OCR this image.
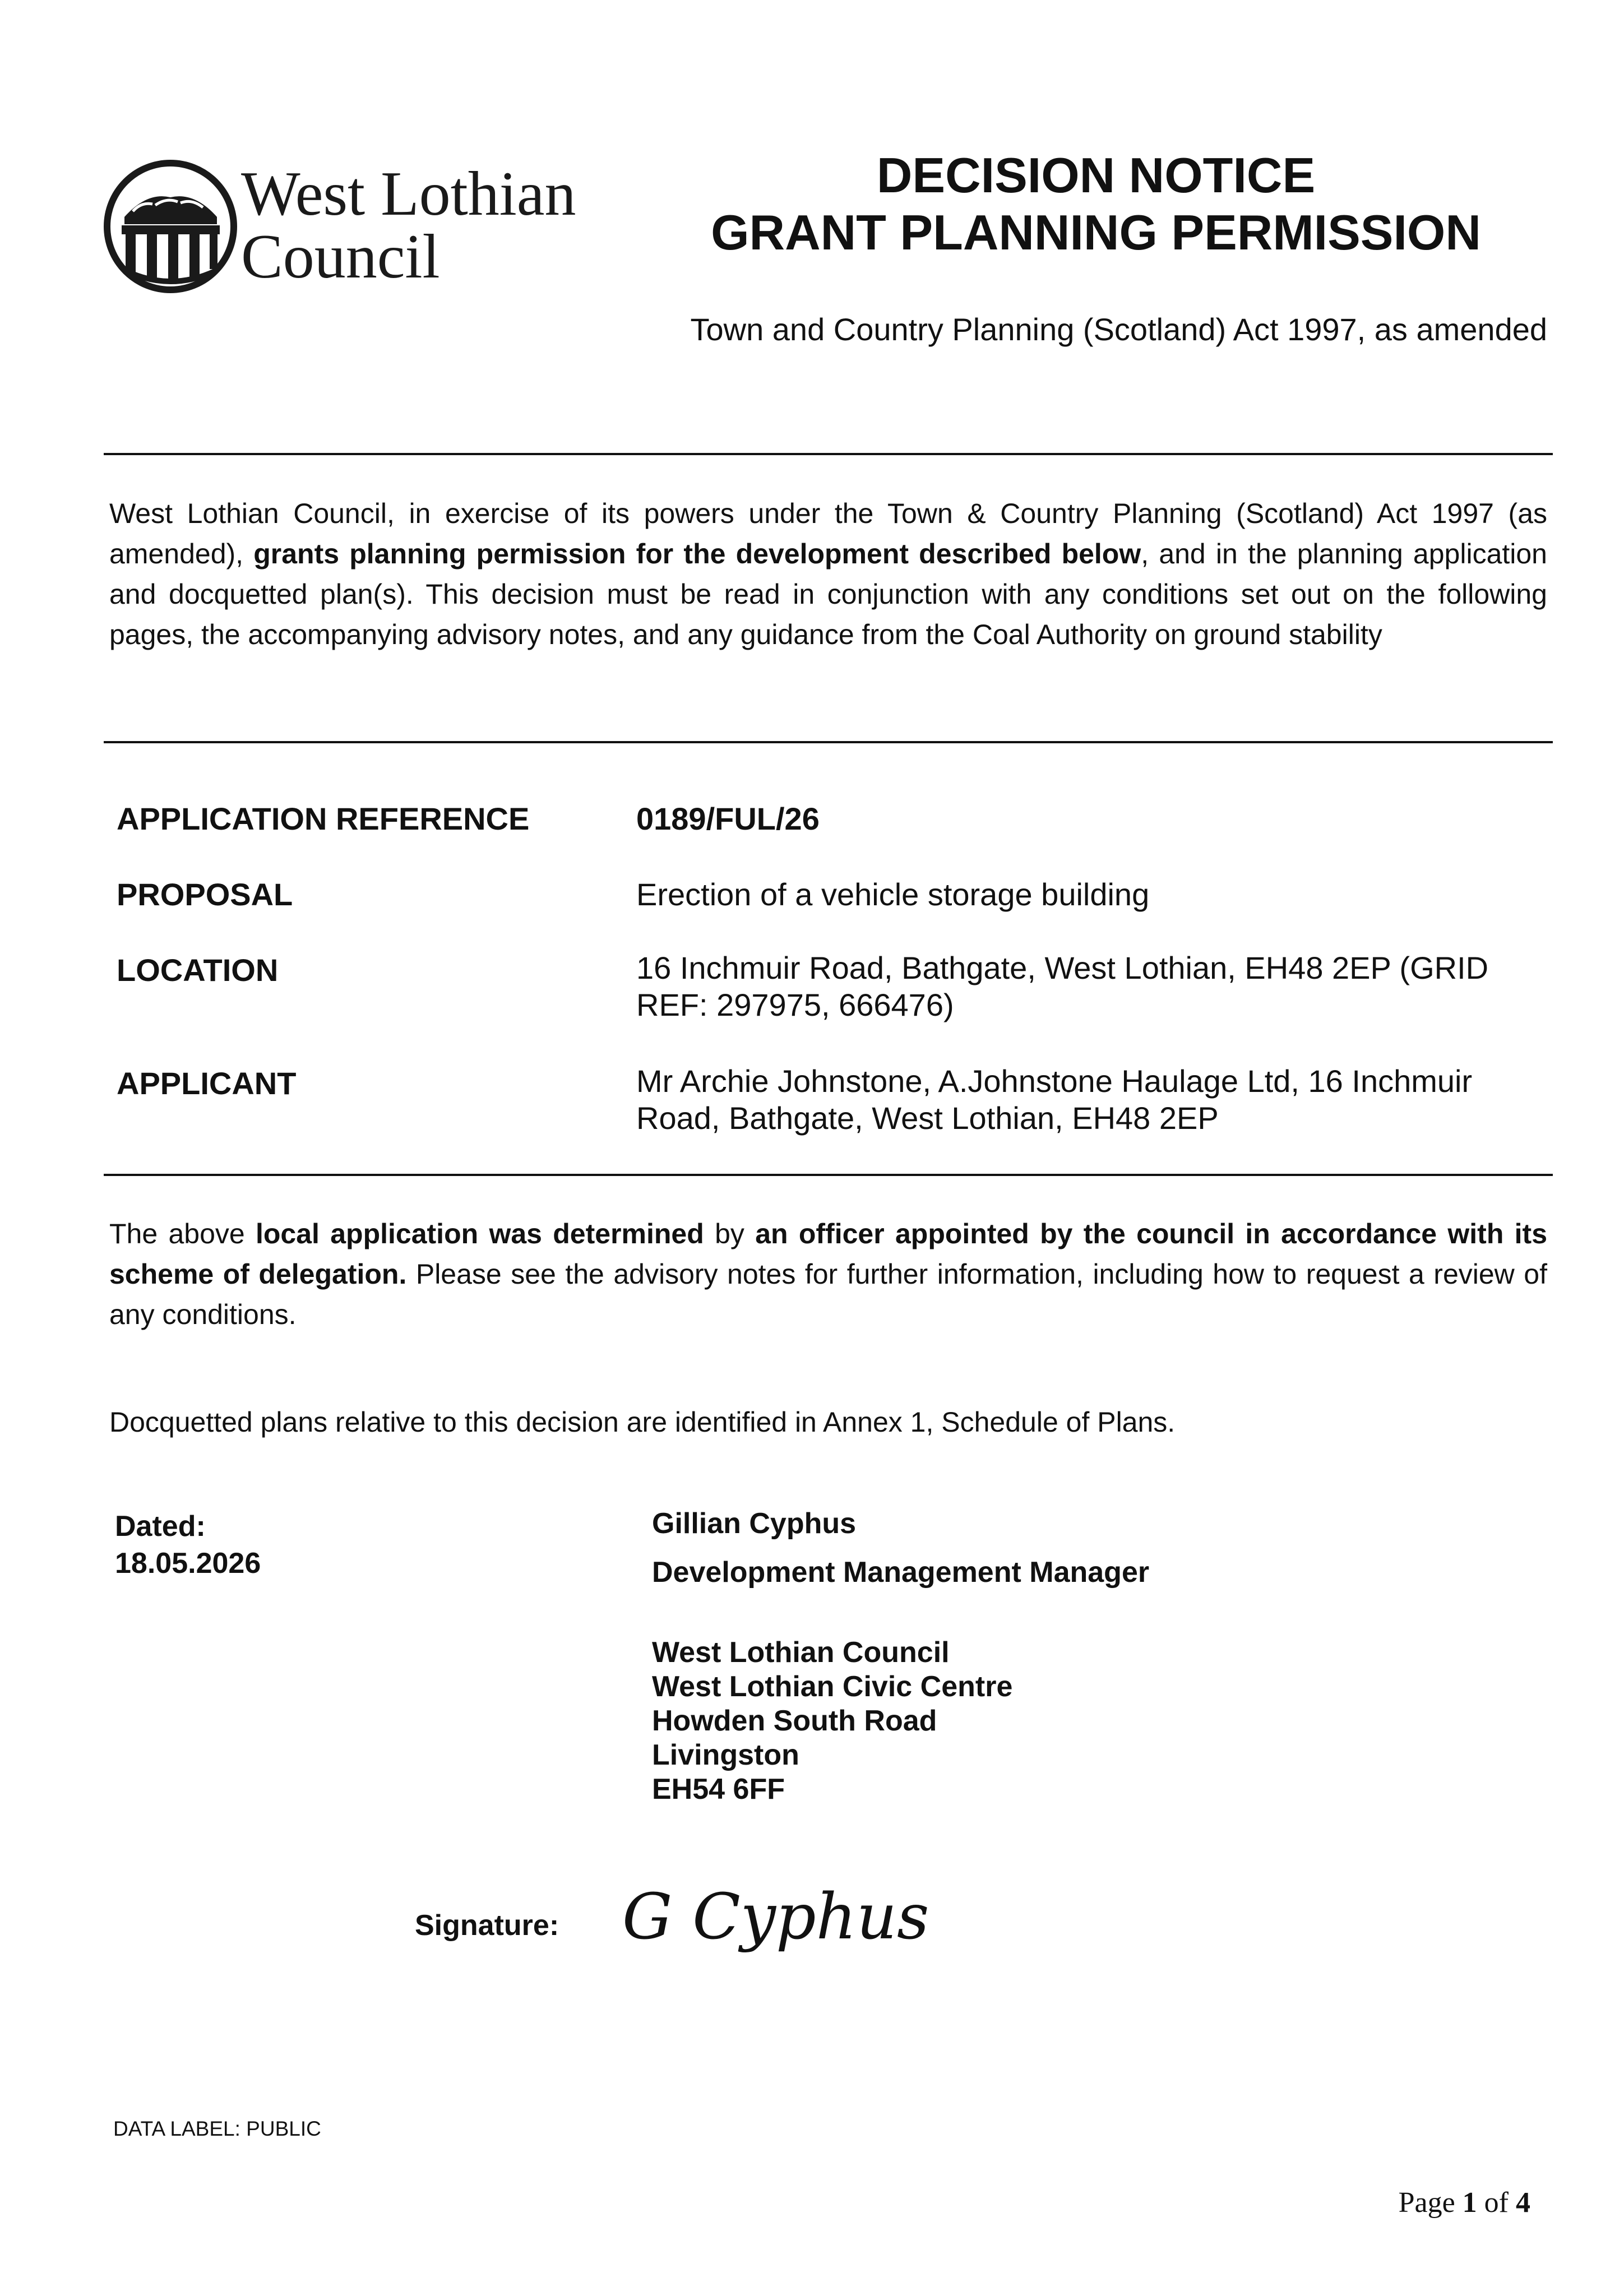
West Lothian
Council
DECISION NOTICE
GRANT PLANNING PERMISSION
Town and Country Planning (Scotland) Act 1997, as amended
West Lothian Council, in exercise of its powers under the Town & Country Planning (Scotland) Act 1997 (as amended), grants planning permission for the development described below, and in the planning application and docquetted plan(s). This decision must be read in conjunction with any conditions set out on the following pages, the accompanying advisory notes, and any guidance from the Coal Authority on ground stability
APPLICATION REFERENCE	0189/FUL/26
PROPOSAL	Erection of a vehicle storage building
LOCATION	16 Inchmuir Road, Bathgate, West Lothian, EH48 2EP (GRID
REF: 297975, 666476)
APPLICANT	Mr Archie Johnstone, A.Johnstone Haulage Ltd, 16 Inchmuir
Road, Bathgate, West Lothian, EH48 2EP
The above local application was determined by an officer appointed by the council in accordance with its scheme of delegation. Please see the advisory notes for further information, including how to request a review of any conditions.
Docquetted plans relative to this decision are identified in Annex 1, Schedule of Plans.
Dated:
18.05.2026
Gillian Cyphus
Development Management Manager
West Lothian Council
West Lothian Civic Centre
Howden South Road
Livingston
EH54 6FF
Signature: G Cyphus
DATA LABEL: PUBLIC
Page 1 of 4
